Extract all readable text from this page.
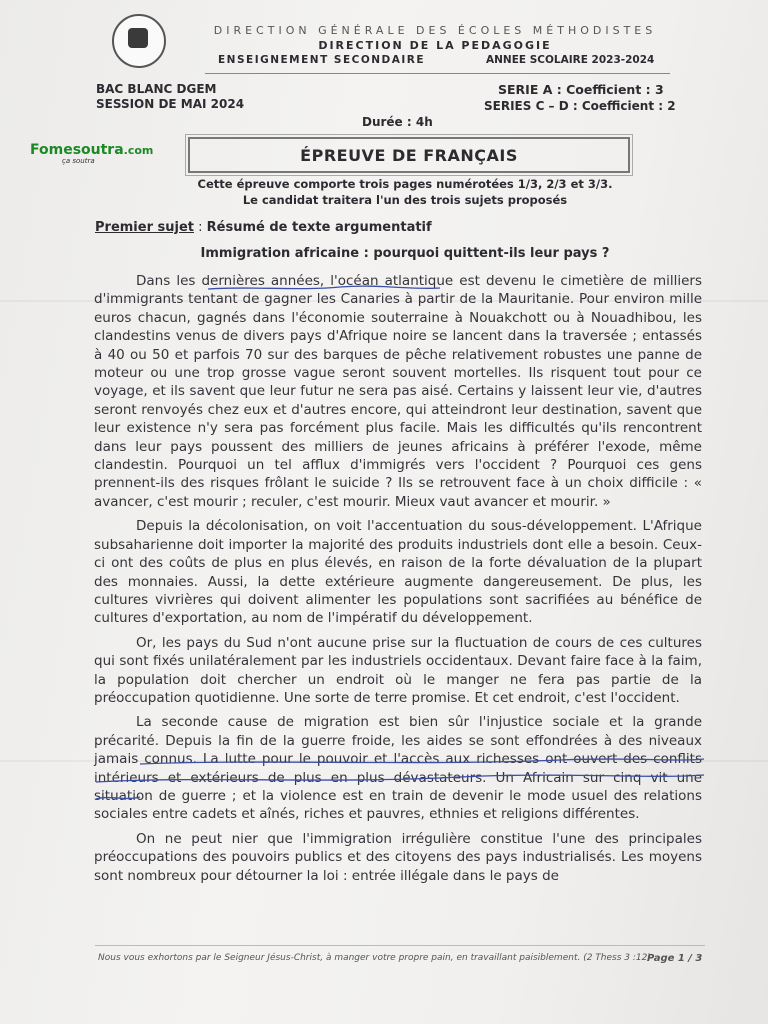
DIRECTION GÉNÉRALE DES ÉCOLES MÉTHODISTES
DIRECTION DE LA PEDAGOGIE
ENSEIGNEMENT SECONDAIRE	ANNEE SCOLAIRE 2023-2024
BAC BLANC DGEM
SESSION DE MAI 2024
SERIE A : Coefficient : 3
SERIES C – D : Coefficient : 2
Durée : 4h
Fomesoutra.com
ça soutra	ÉPREUVE DE FRANÇAIS
Cette épreuve comporte trois pages numérotées 1/3, 2/3 et 3/3.
Le candidat traitera l'un des trois sujets proposés
Premier sujet : Résumé de texte argumentatif
Immigration africaine : pourquoi quittent-ils leur pays ?

Dans les dernières années, l'océan atlantique est devenu le cimetière de milliers d'immigrants tentant de gagner les Canaries à partir de la Mauritanie. Pour environ mille euros chacun, gagnés dans l'économie souterraine à Nouakchott ou à Nouadhibou, les clandestins venus de divers pays d'Afrique noire se lancent dans la traversée ; entassés à 40 ou 50 et parfois 70 sur des barques de pêche relativement robustes une panne de moteur ou une trop grosse vague seront souvent mortelles. Ils risquent tout pour ce voyage, et ils savent que leur futur ne sera pas aisé. Certains y laissent leur vie, d'autres seront renvoyés chez eux et d'autres encore, qui atteindront leur destination, savent que leur existence n'y sera pas forcément plus facile. Mais les difficultés qu'ils rencontrent dans leur pays poussent des milliers de jeunes africains à préférer l'exode, même clandestin. Pourquoi un tel afflux d'immigrés vers l'occident ? Pourquoi ces gens prennent-ils des risques frôlant le suicide ? Ils se retrouvent face à un choix difficile : « avancer, c'est mourir ; reculer, c'est mourir. Mieux vaut avancer et mourir. »

Depuis la décolonisation, on voit l'accentuation du sous-développement. L'Afrique subsaharienne doit importer la majorité des produits industriels dont elle a besoin. Ceux-ci ont des coûts de plus en plus élevés, en raison de la forte dévaluation de la plupart des monnaies. Aussi, la dette extérieure augmente dangereusement. De plus, les cultures vivrières qui doivent alimenter les populations sont sacrifiées au bénéfice de cultures d'exportation, au nom de l'impératif du développement.

Or, les pays du Sud n'ont aucune prise sur la fluctuation de cours de ces cultures qui sont fixés unilatéralement par les industriels occidentaux. Devant faire face à la faim, la population doit chercher un endroit où le manger ne fera pas partie de la préoccupation quotidienne. Une sorte de terre promise. Et cet endroit, c'est l'occident.

La seconde cause de migration est bien sûr l'injustice sociale et la grande précarité. Depuis la fin de la guerre froide, les aides se sont effondrées à des niveaux jamais connus. La lutte pour le pouvoir et l'accès aux richesses ont ouvert des conflits intérieurs et extérieurs de plus en plus dévastateurs. Un Africain sur cinq vit une situation de guerre ; et la violence est en train de devenir le mode usuel des relations sociales entre cadets et aînés, riches et pauvres, ethnies et religions différentes.

On ne peut nier que l'immigration irrégulière constitue l'une des principales préoccupations des pouvoirs publics et des citoyens des pays industrialisés. Les moyens sont nombreux pour détourner la loi : entrée illégale dans le pays de

Nous vous exhortons par le Seigneur Jésus-Christ, à manger votre propre pain, en travaillant paisiblement. (2 Thess 3 :12)
Page 1 / 3
